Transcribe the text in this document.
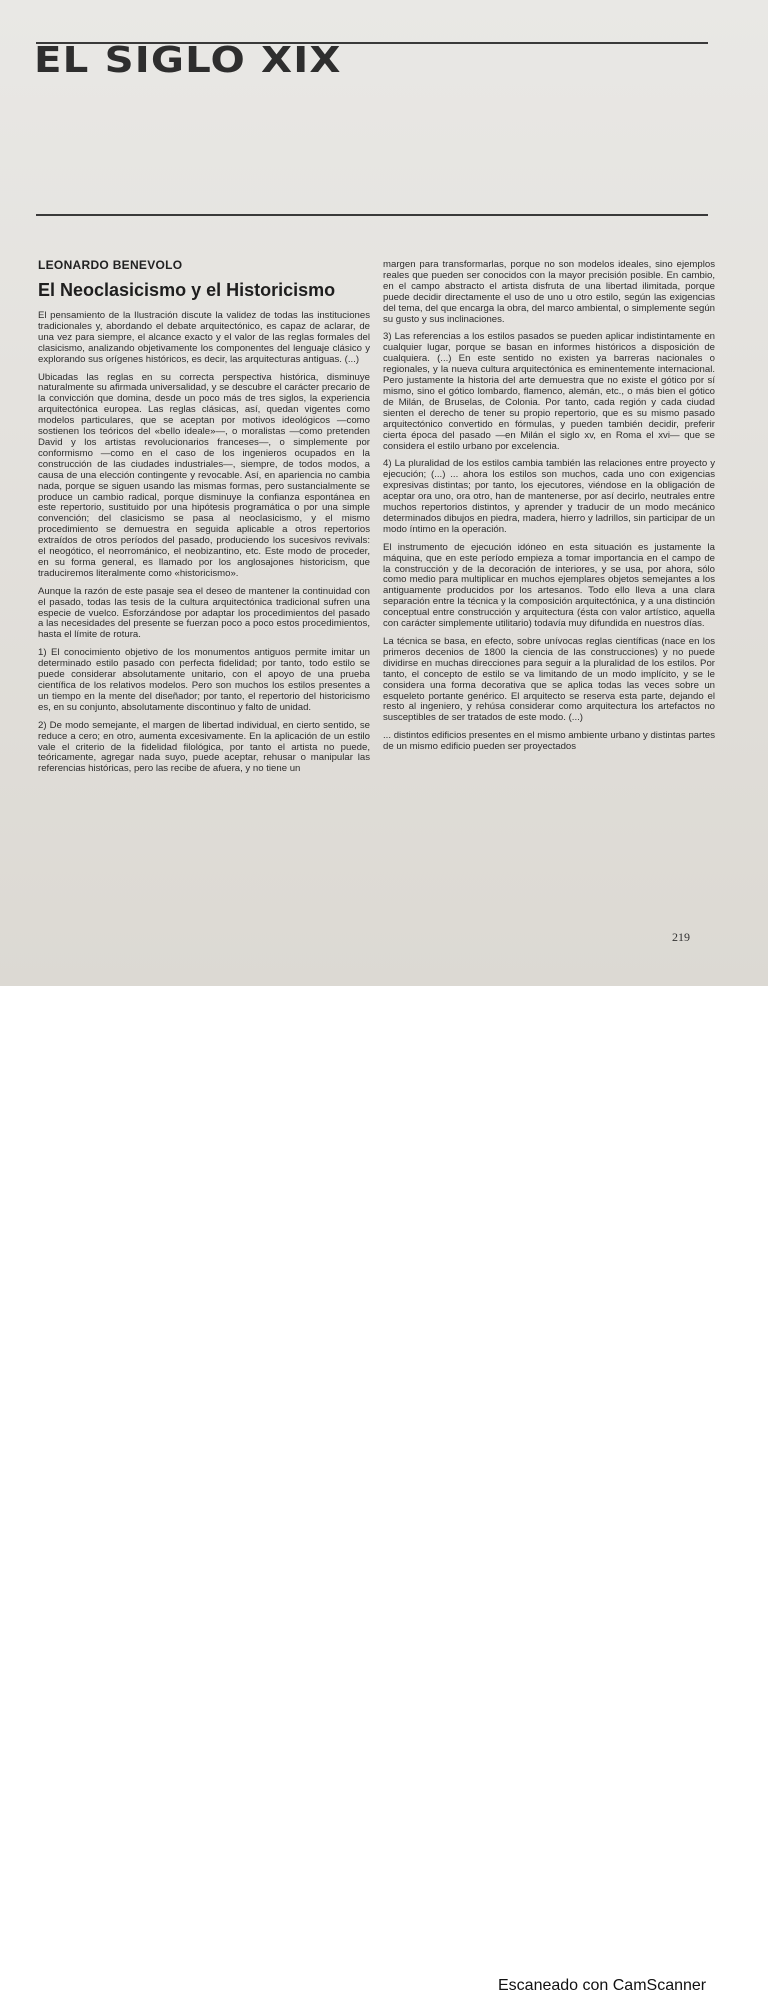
EL SIGLO XIX
LEONARDO BENEVOLO
El Neoclasicismo y el Historicismo

El pensamiento de la Ilustración discute la validez de todas las instituciones tradicionales y, abordando el debate arquitectónico, es capaz de aclarar, de una vez para siempre, el alcance exacto y el valor de las reglas formales del clasicismo, analizando objetivamente los componentes del lenguaje clásico y explorando sus orígenes históricos, es decir, las arquitecturas antiguas. (...)

Ubicadas las reglas en su correcta perspectiva histórica, disminuye naturalmente su afirmada universalidad, y se descubre el carácter precario de la convicción que domina, desde un poco más de tres siglos, la experiencia arquitectónica europea. Las reglas clásicas, así, quedan vigentes como modelos particulares, que se aceptan por motivos ideológicos —como sostienen los teóricos del «bello ideale»—, o moralistas —como pretenden David y los artistas revolucionarios franceses—, o simplemente por conformismo —como en el caso de los ingenieros ocupados en la construcción de las ciudades industriales—, siempre, de todos modos, a causa de una elección contingente y revocable. Así, en apariencia no cambia nada, porque se siguen usando las mismas formas, pero sustancialmente se produce un cambio radical, porque disminuye la confianza espontánea en este repertorio, sustituido por una hipótesis programática o por una simple convención; del clasicismo se pasa al neoclasicismo, y el mismo procedimiento se demuestra en seguida aplicable a otros repertorios extraídos de otros períodos del pasado, produciendo los sucesivos revivals: el neogótico, el neorrománico, el neobizantino, etc. Este modo de proceder, en su forma general, es llamado por los anglosajones historicism, que traduciremos literalmente como «historicismo».

Aunque la razón de este pasaje sea el deseo de mantener la continuidad con el pasado, todas las tesis de la cultura arquitectónica tradicional sufren una especie de vuelco. Esforzándose por adaptar los procedimientos del pasado a las necesidades del presente se fuerzan poco a poco estos procedimientos, hasta el límite de rotura.

1) El conocimiento objetivo de los monumentos antiguos permite imitar un determinado estilo pasado con perfecta fidelidad; por tanto, todo estilo se puede considerar absolutamente unitario, con el apoyo de una prueba científica de los relativos modelos. Pero son muchos los estilos presentes a un tiempo en la mente del diseñador; por tanto, el repertorio del historicismo es, en su conjunto, absolutamente discontinuo y falto de unidad.

2) De modo semejante, el margen de libertad individual, en cierto sentido, se reduce a cero; en otro, aumenta excesivamente. En la aplicación de un estilo vale el criterio de la fidelidad filológica, por tanto el artista no puede, teóricamente, agregar nada suyo, puede aceptar, rehusar o manipular las referencias históricas, pero las recibe de afuera, y no tiene un

margen para transformarlas, porque no son modelos ideales, sino ejemplos reales que pueden ser conocidos con la mayor precisión posible. En cambio, en el campo abstracto el artista disfruta de una libertad ilimitada, porque puede decidir directamente el uso de uno u otro estilo, según las exigencias del tema, del que encarga la obra, del marco ambiental, o simplemente según su gusto y sus inclinaciones.

3) Las referencias a los estilos pasados se pueden aplicar indistintamente en cualquier lugar, porque se basan en informes históricos a disposición de cualquiera. (...) En este sentido no existen ya barreras nacionales o regionales, y la nueva cultura arquitectónica es eminentemente internacional. Pero justamente la historia del arte demuestra que no existe el gótico por sí mismo, sino el gótico lombardo, flamenco, alemán, etc., o más bien el gótico de Milán, de Bruselas, de Colonia. Por tanto, cada región y cada ciudad sienten el derecho de tener su propio repertorio, que es su mismo pasado arquitectónico convertido en fórmulas, y pueden también decidir, preferir cierta época del pasado —en Milán el siglo xv, en Roma el xvi— que se considera el estilo urbano por excelencia.

4) La pluralidad de los estilos cambia también las relaciones entre proyecto y ejecución; (...) ... ahora los estilos son muchos, cada uno con exigencias expresivas distintas; por tanto, los ejecutores, viéndose en la obligación de aceptar ora uno, ora otro, han de mantenerse, por así decirlo, neutrales entre muchos repertorios distintos, y aprender y traducir de un modo mecánico determinados dibujos en piedra, madera, hierro y ladrillos, sin participar de un modo íntimo en la operación.

El instrumento de ejecución idóneo en esta situación es justamente la máquina, que en este período empieza a tomar importancia en el campo de la construcción y de la decoración de interiores, y se usa, por ahora, sólo como medio para multiplicar en muchos ejemplares objetos semejantes a los antiguamente producidos por los artesanos. Todo ello lleva a una clara separación entre la técnica y la composición arquitectónica, y a una distinción conceptual entre construcción y arquitectura (ésta con valor artístico, aquella con carácter simplemente utilitario) todavía muy difundida en nuestros días.

La técnica se basa, en efecto, sobre unívocas reglas científicas (nace en los primeros decenios de 1800 la ciencia de las construcciones) y no puede dividirse en muchas direcciones para seguir a la pluralidad de los estilos. Por tanto, el concepto de estilo se va limitando de un modo implícito, y se le considera una forma decorativa que se aplica todas las veces sobre un esqueleto portante genérico. El arquitecto se reserva esta parte, dejando el resto al ingeniero, y rehúsa considerar como arquitectura los artefactos no susceptibles de ser tratados de este modo. (...)

... distintos edificios presentes en el mismo ambiente urbano y distintas partes de un mismo edificio pueden ser proyectados

219
Escaneado con CamScanner
